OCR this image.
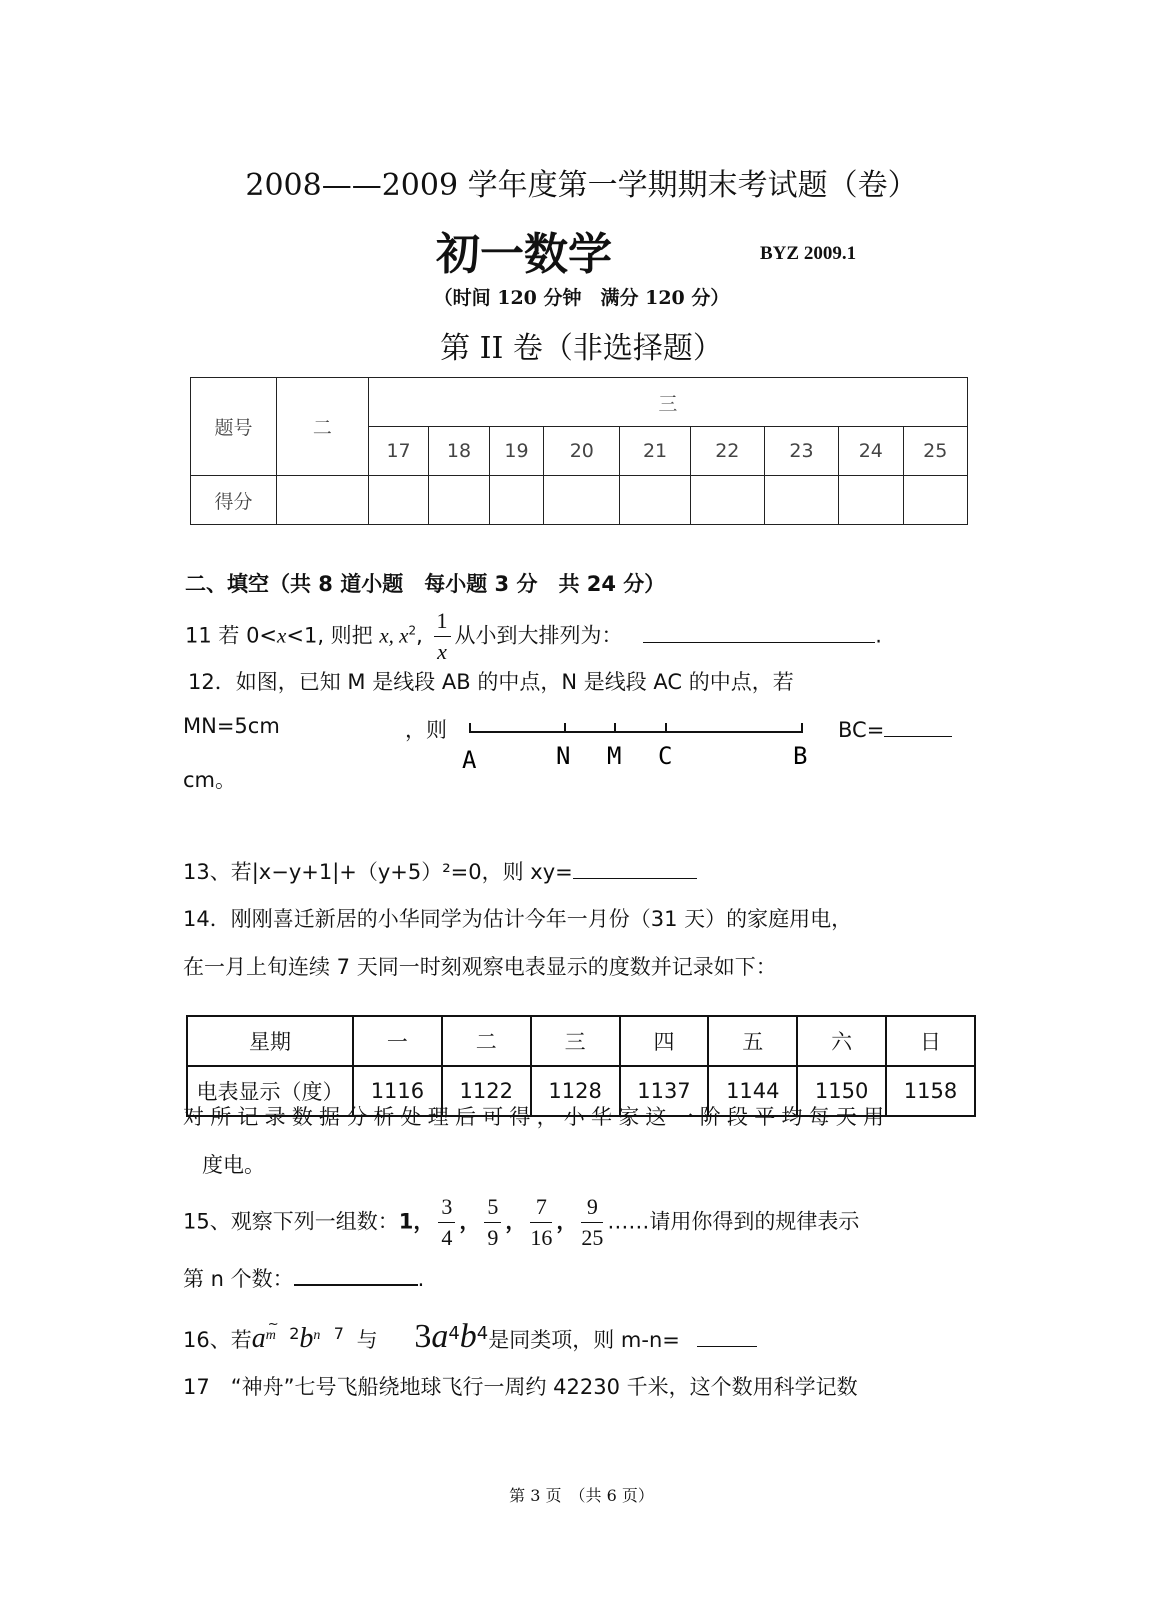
2008——2009 学年度第一学期期末考试题（卷）
初一数学	BYZ 2009.1
（时间 120 分钟　满分 120 分）
第 II 卷（非选择题）
题号	二	三								
		17	18	19	20	21	22	23	24	25
得分										
二、填空（共 8 道小题　每小题 3 分　共 24 分）
11 若 0<x<1, 则把 x, $x^2$, $\frac{1}{x}$ 从小到大排列为：	.
12．如图，已知 M 是线段 AB 的中点，N 是线段 AC 的中点，若
MN=5cm	，则
A	N M C	B
BC=
cm。
13、若|x−y+1|+（y+5）²=0，则 xy=
14．刚刚喜迁新居的小华同学为估计今年一月份（31 天）的家庭用电，
在一月上旬连续 7 天同一时刻观察电表显示的度数并记录如下：
星期	一	二	三	四	五	六	日
电表显示（度）	1116	1122	1128	1137	1144	1150	1158
对所记录数据分析处理后可得，小华家这一阶段平均每天用
度电。
15、观察下列一组数：1， $\frac{3}{4}$ ， $\frac{5}{9}$ ， $\frac{7}{16}$ ， $\frac{9}{25}$ ……请用你得到的规律表示
第 n 个数：	.
16、若$a^{m \sim}$ $^2b^n$ $^7$ 与 $3a^4b^4$是同类项，则 m-n=
17　“神舟”七号飞船绕地球飞行一周约 42230 千米，这个数用科学记数
第 3 页　（共 6 页）
